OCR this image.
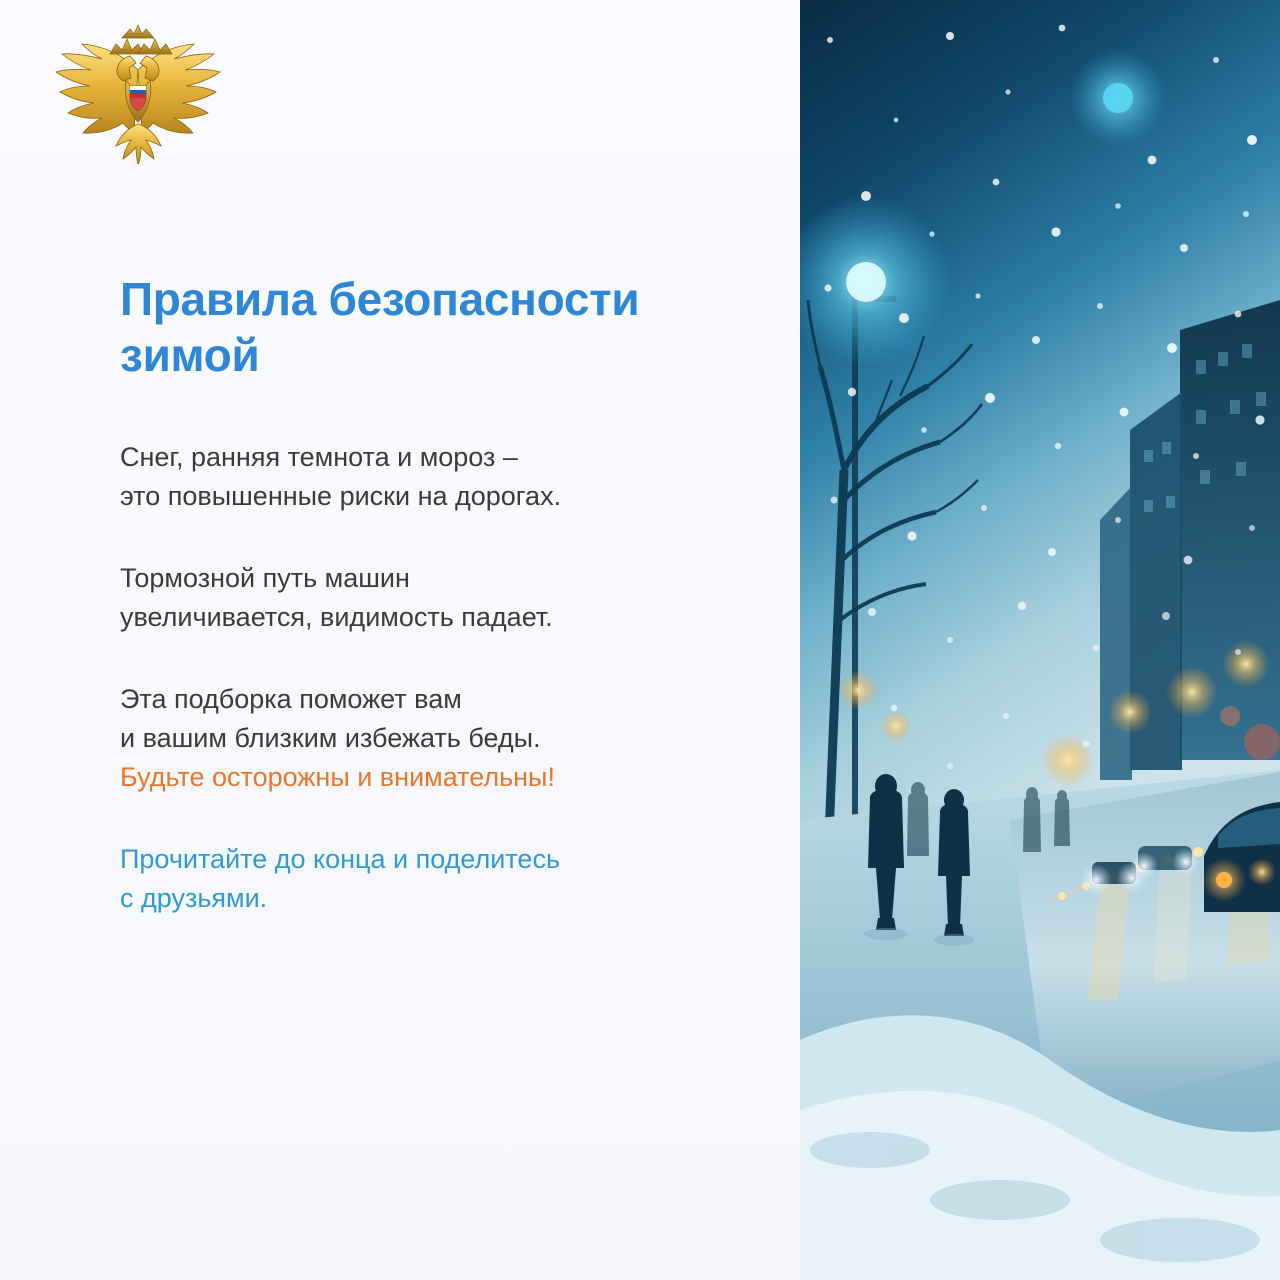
Правила безопасности
зимой

Снег, ранняя темнота и мороз –
это повышенные риски на дорогах.

Тормозной путь машин
увеличивается, видимость падает.

Эта подборка поможет вам
и вашим близким избежать беды.
Будьте осторожны и внимательны!

Прочитайте до конца и поделитесь
с друзьями.
